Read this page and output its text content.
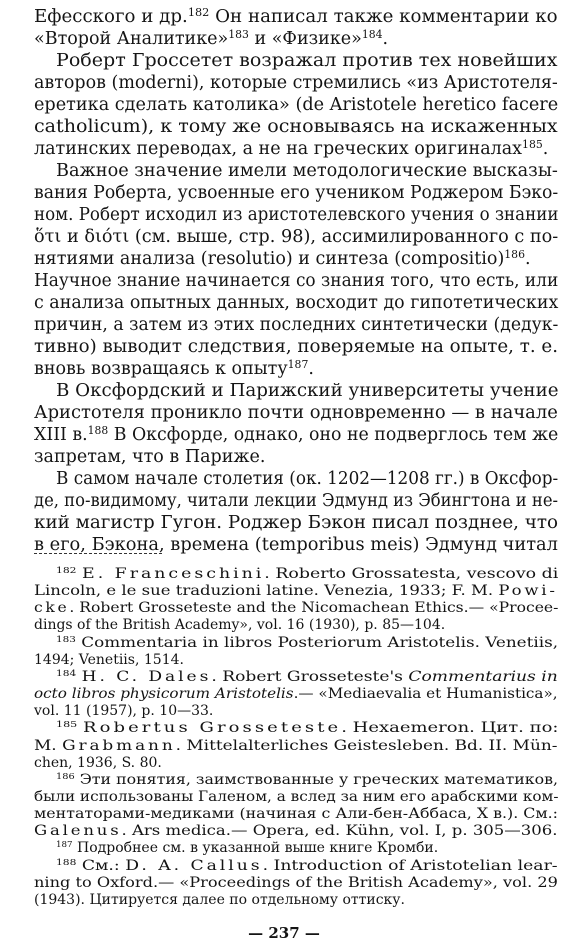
Ефесского и др.$^{182}$ Он написал также комментарии ко
«Второй Аналитике»$^{183}$ и «Физике»$^{184}$.
Роберт Гроссетет возражал против тех новейших
авторов (moderni), которые стремились «из Аристотеля-
еретика сделать католика» (de Aristotele heretico facere
catholicum), к тому же основываясь на искаженных
латинских переводах, а не на греческих оригиналах$^{185}$.
Важное значение имели методологические высказы-
вания Роберта, усвоенные его учеником Роджером Бэко-
ном. Роберт исходил из аристотелевского учения о знании
ὅτι и διότι (см. выше, стр. 98), ассимилированного с по-
нятиями анализа (resolutio) и синтеза (compositio)$^{186}$.
Научное знание начинается со знания того, что есть, или
с анализа опытных данных, восходит до гипотетических
причин, а затем из этих последних синтетически (дедук-
тивно) выводит следствия, поверяемые на опыте, т. е.
вновь возвращаясь к опыту$^{187}$.
В Оксфордский и Парижский университеты учение
Аристотеля проникло почти одновременно — в начале
XIII в.$^{188}$ В Оксфорде, однако, оно не подверглось тем же
запретам, что в Париже.
В самом начале столетия (ок. 1202—1208 гг.) в Оксфор-
де, по-видимому, читали лекции Эдмунд из Эбингтона и не-
кий магистр Гугон. Роджер Бэкон писал позднее, что
в его, Бэкона, времена (temporibus meis) Эдмунд читал
$^{182}$ E. Franceschini. Roberto Grossatesta, vescovo di
Lincoln, e le sue traduzioni latine. Venezia, 1933; F. M. Powi-
cke. Robert Grosseteste and the Nicomachean Ethics.— «Procee-
dings of the British Academy», vol. 16 (1930), p. 85—104.
$^{183}$ Commentaria in libros Posteriorum Aristotelis. Venetiis,
1494; Venetiis, 1514.
$^{184}$ H. C. Dales. Robert Grosseteste's Commentarius in
octo libros physicorum Aristotelis.— «Mediaevalia et Humanistica»,
vol. 11 (1957), p. 10—33.
$^{185}$ Robertus Grosseteste. Hexaemeron. Цит. по:
M. Grabmann. Mittelalterliches Geistesleben. Bd. II. Mün-
chen, 1936, S. 80.
$^{186}$ Эти понятия, заимствованные у греческих математиков,
были использованы Галеном, а вслед за ним его арабскими ком-
ментаторами-медиками (начиная с Али-бен-Аббаса, X в.). См.:
Galenus. Ars medica.— Opera, ed. Kühn, vol. I, p. 305—306.
$^{187}$ Подробнее см. в указанной выше книге Кромби.
$^{188}$ См.: D. A. Callus. Introduction of Aristotelian lear-
ning to Oxford.— «Proceedings of the British Academy», vol. 29
(1943). Цитируется далее по отдельному оттиску.
— 237 —
